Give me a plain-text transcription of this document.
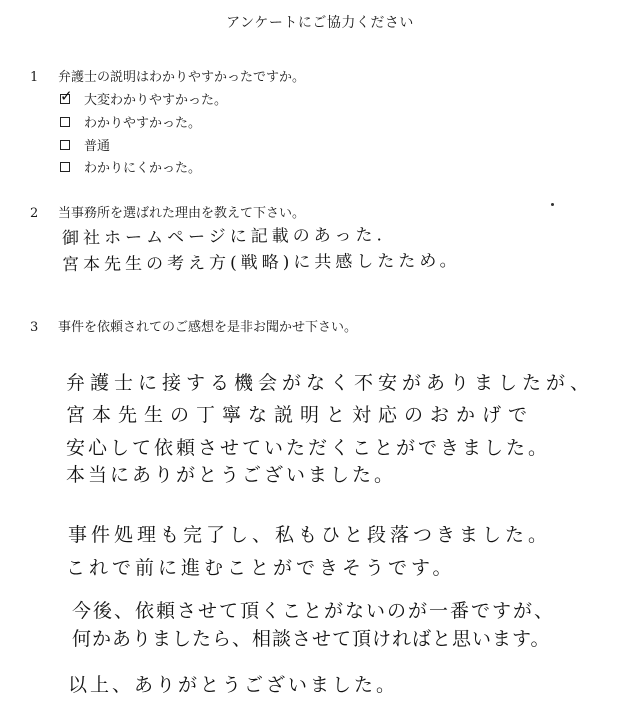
アンケートにご協力ください
1 弁護士の説明はわかりやすかったですか。
✓ 大変わかりやすかった。
わかりやすかった。
普通
わかりにくかった。
2 当事務所を選ばれた理由を教えて下さい。
御社ホームページに記載のあった.
宮本先生の考え方(戦略)に共感したため。
3 事件を依頼されてのご感想を是非お聞かせ下さい。
弁護士に接する機会がなく不安がありましたが、
宮本先生の丁寧な説明と対応のおかげで
安心して依頼させていただくことができました。
本当にありがとうございました。
事件処理も完了し、私もひと段落つきました。
これで前に進むことができそうです。
今後、依頼させて頂くことがないのが一番ですが、
何かありましたら、相談させて頂ければと思います。
以上、ありがとうございました。
